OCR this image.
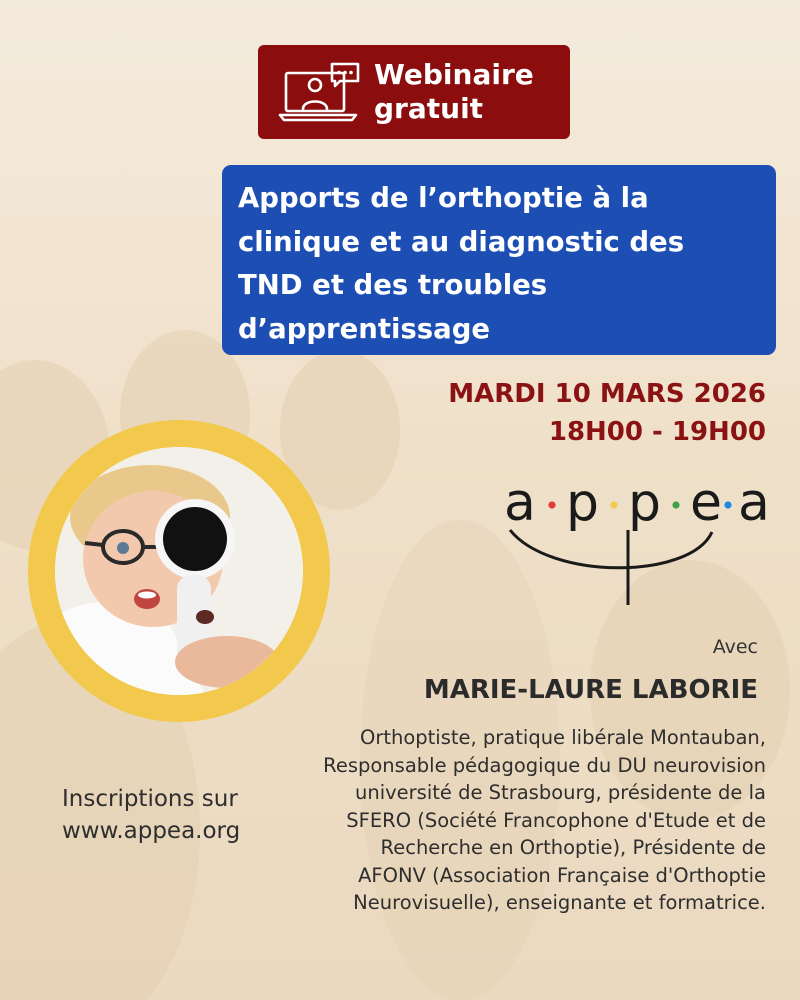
Webinaire
gratuit
Apports de l’orthoptie à la
clinique et au diagnostic des
TND et des troubles
d’apprentissage
MARDI 10 MARS 2026
18H00 - 19H00
a p p e a
Avec
MARIE-LAURE LABORIE
Orthoptiste, pratique libérale Montauban,
Responsable pédagogique du DU neurovision
université de Strasbourg, présidente de la
SFERO (Société Francophone d'Etude et de
Recherche en Orthoptie), Présidente de
AFONV (Association Française d'Orthoptie
Neurovisuelle), enseignante et formatrice.
Inscriptions sur
www.appea.org
